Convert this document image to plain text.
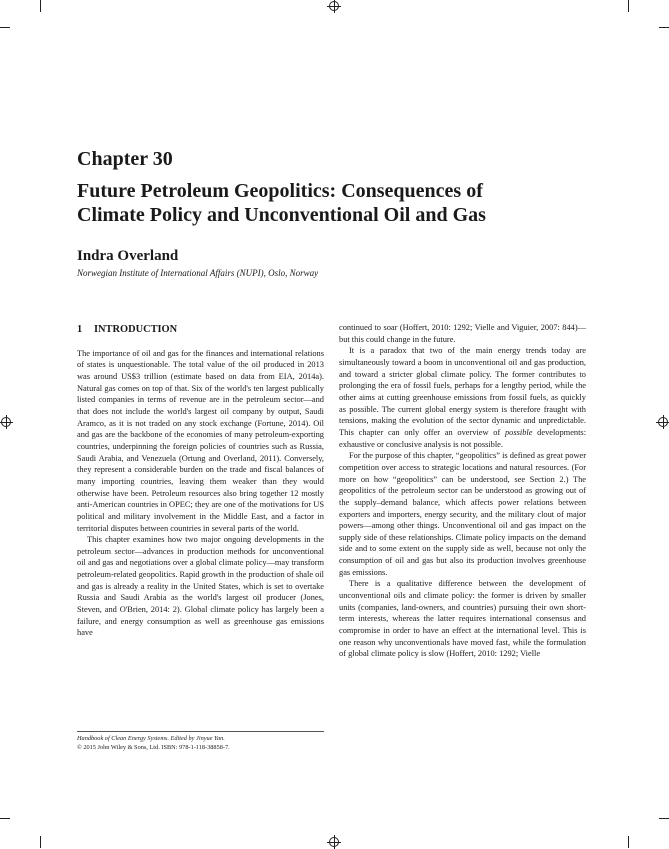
Chapter 30
Future Petroleum Geopolitics: Consequences of Climate Policy and Unconventional Oil and Gas
Indra Overland
Norwegian Institute of International Affairs (NUPI), Oslo, Norway
1 INTRODUCTION

The importance of oil and gas for the finances and international relations of states is unquestionable. The total value of the oil produced in 2013 was around US$3 trillion (estimate based on data from EIA, 2014a). Natural gas comes on top of that. Six of the world's ten largest publically listed companies in terms of revenue are in the petroleum sector—and that does not include the world's largest oil company by output, Saudi Aramco, as it is not traded on any stock exchange (Fortune, 2014). Oil and gas are the backbone of the economies of many petroleum-exporting countries, underpinning the foreign policies of countries such as Russia, Saudi Arabia, and Venezuela (Ortung and Overland, 2011). Conversely, they represent a considerable burden on the trade and fiscal balances of many importing countries, leaving them weaker than they would otherwise have been. Petroleum resources also bring together 12 mostly anti-American countries in OPEC; they are one of the motivations for US political and military involvement in the Middle East, and a factor in territorial disputes between countries in several parts of the world.

This chapter examines how two major ongoing developments in the petroleum sector—advances in production methods for unconventional oil and gas and negotiations over a global climate policy—may transform petroleum-related geopolitics. Rapid growth in the production of shale oil and gas is already a reality in the United States, which is set to overtake Russia and Saudi Arabia as the world's largest oil producer (Jones, Steven, and O'Brien, 2014: 2). Global climate policy has largely been a failure, and energy consumption as well as greenhouse gas emissions have

continued to soar (Hoffert, 2010: 1292; Vielle and Viguier, 2007: 844)—but this could change in the future.

It is a paradox that two of the main energy trends today are simultaneously toward a boom in unconventional oil and gas production, and toward a stricter global climate policy. The former contributes to prolonging the era of fossil fuels, perhaps for a lengthy period, while the other aims at cutting greenhouse emissions from fossil fuels, as quickly as possible. The current global energy system is therefore fraught with tensions, making the evolution of the sector dynamic and unpredictable. This chapter can only offer an overview of possible developments: exhaustive or conclusive analysis is not possible.

For the purpose of this chapter, “geopolitics” is defined as great power competition over access to strategic locations and natural resources. (For more on how “geopolitics” can be understood, see Section 2.) The geopolitics of the petroleum sector can be understood as growing out of the supply–demand balance, which affects power relations between exporters and importers, energy security, and the military clout of major powers—among other things. Unconventional oil and gas impact on the supply side of these relationships. Climate policy impacts on the demand side and to some extent on the supply side as well, because not only the consumption of oil and gas but also its production involves greenhouse gas emissions.

There is a qualitative difference between the development of unconventional oils and climate policy: the former is driven by smaller units (companies, land-owners, and countries) pursuing their own short-term interests, whereas the latter requires international consensus and compromise in order to have an effect at the international level. This is one reason why unconventionals have moved fast, while the formulation of global climate policy is slow (Hoffert, 2010: 1292; Vielle

Handbook of Clean Energy Systems. Edited by Jinyue Yan.
© 2015 John Wiley & Sons, Ltd. ISBN: 978-1-118-38858-7.
